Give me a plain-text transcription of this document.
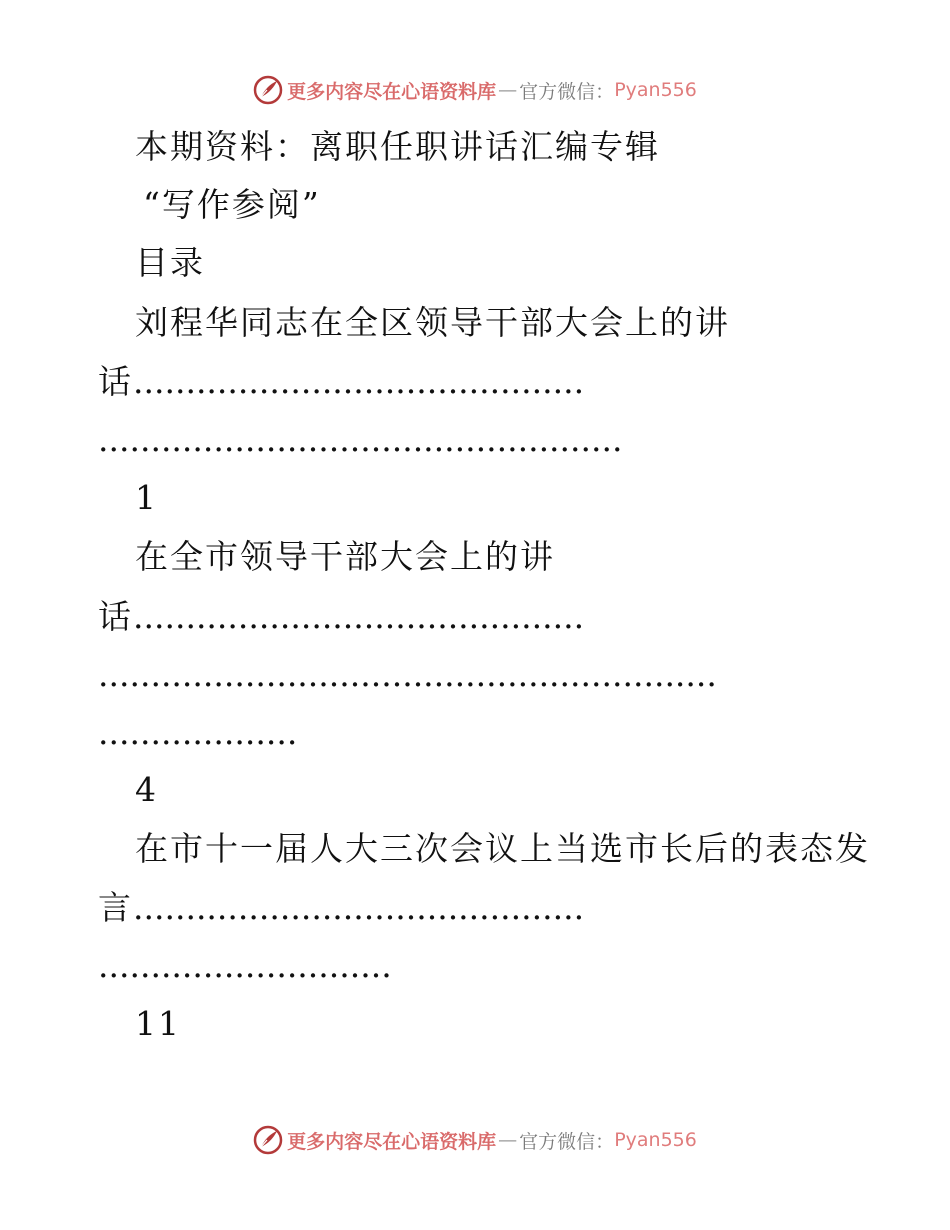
更多内容尽在心语资料库 — 官方微信： Pyan556
本期资料：离职任职讲话汇编专辑
“写作参阅”
目录
刘程华同志在全区领导干部大会上的讲
话...........................................
..................................................
1
在全市领导干部大会上的讲
话...........................................
...........................................................
...................
4
在市十一届人大三次会议上当选市长后的表态发
言...........................................
............................
11
更多内容尽在心语资料库 — 官方微信： Pyan556
